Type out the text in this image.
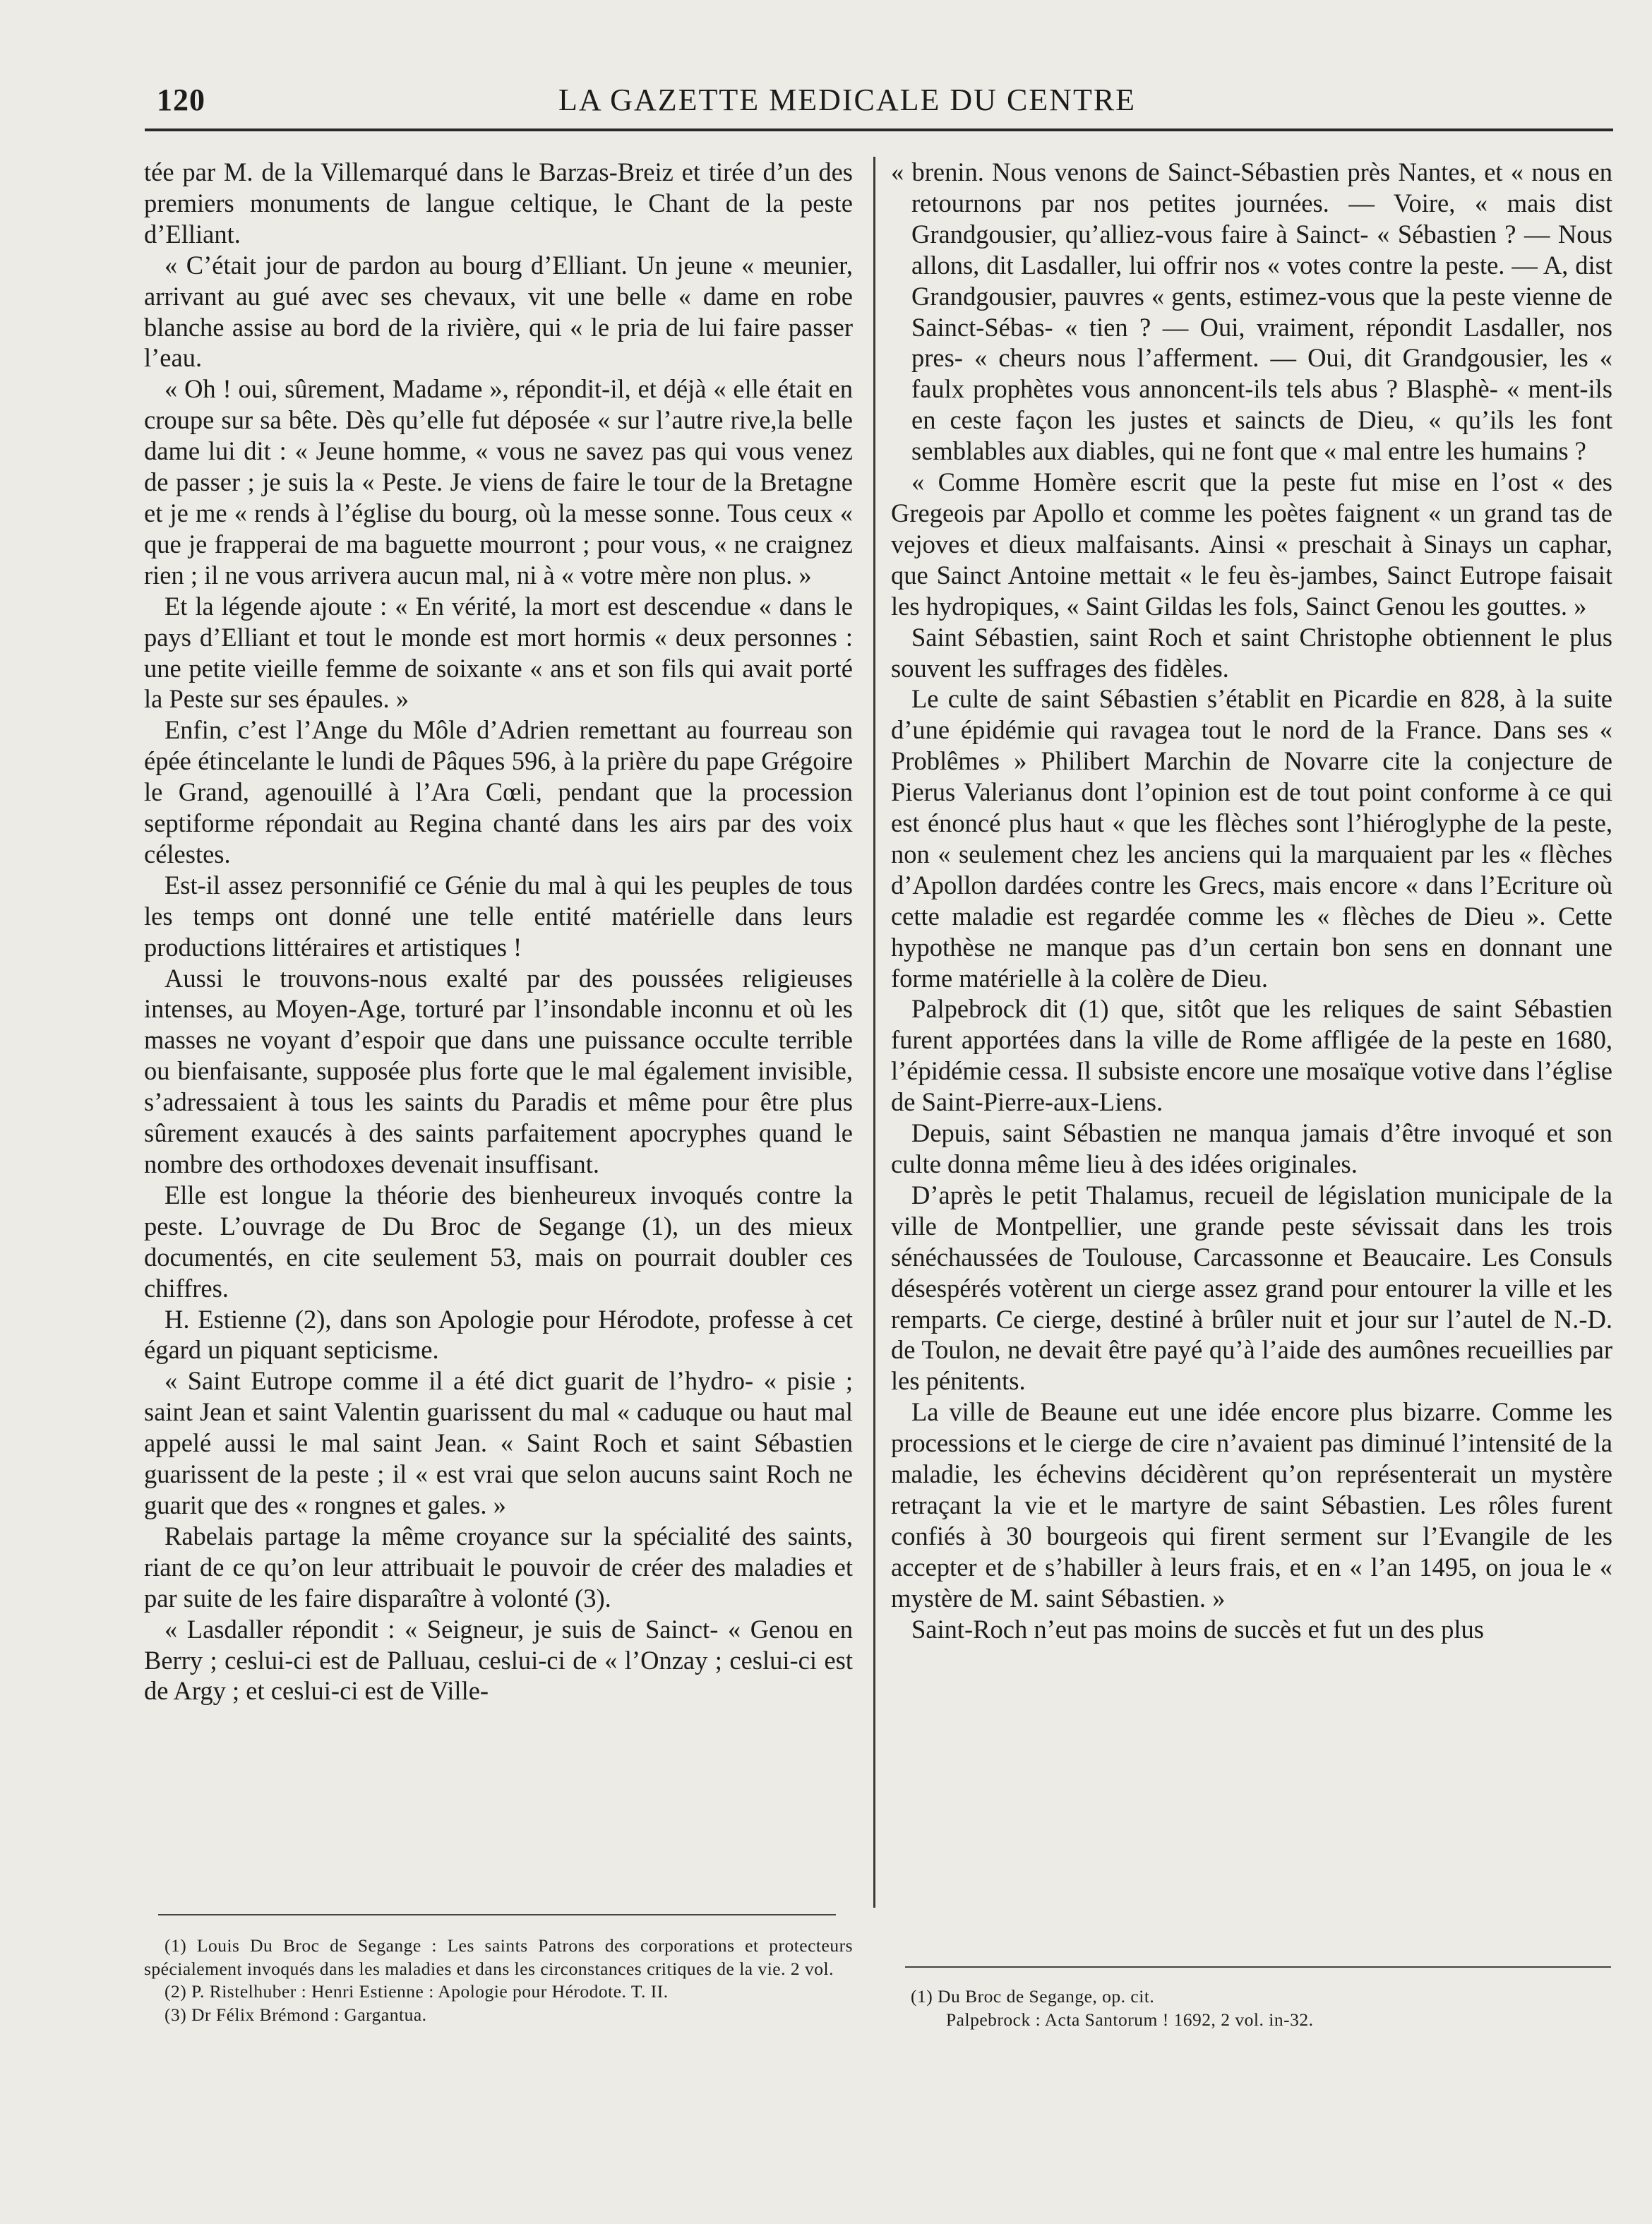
120	LA GAZETTE MEDICALE DU CENTRE

tée par M. de la Villemarqué dans le Barzas-Breiz et tirée d’un des premiers monuments de langue celtique, le Chant de la peste d’Elliant.

« C’était jour de pardon au bourg d’Elliant. Un jeune « meunier, arrivant au gué avec ses chevaux, vit une belle « dame en robe blanche assise au bord de la rivière, qui « le pria de lui faire passer l’eau.

« Oh ! oui, sûrement, Madame », répondit-il, et déjà « elle était en croupe sur sa bête. Dès qu’elle fut déposée « sur l’autre rive,la belle dame lui dit : « Jeune homme, « vous ne savez pas qui vous venez de passer ; je suis la « Peste. Je viens de faire le tour de la Bretagne et je me « rends à l’église du bourg, où la messe sonne. Tous ceux « que je frapperai de ma baguette mourront ; pour vous, « ne craignez rien ; il ne vous arrivera aucun mal, ni à « votre mère non plus. »

Et la légende ajoute : « En vérité, la mort est descendue « dans le pays d’Elliant et tout le monde est mort hormis « deux personnes : une petite vieille femme de soixante « ans et son fils qui avait porté la Peste sur ses épaules. »

Enfin, c’est l’Ange du Môle d’Adrien remettant au fourreau son épée étincelante le lundi de Pâques 596, à la prière du pape Grégoire le Grand, agenouillé à l’Ara Cœli, pendant que la procession septiforme répondait au Regina chanté dans les airs par des voix célestes.

Est-il assez personnifié ce Génie du mal à qui les peuples de tous les temps ont donné une telle entité matérielle dans leurs productions littéraires et artistiques !

Aussi le trouvons-nous exalté par des poussées religieuses intenses, au Moyen-Age, torturé par l’insondable inconnu et où les masses ne voyant d’espoir que dans une puissance occulte terrible ou bienfaisante, supposée plus forte que le mal également invisible, s’adressaient à tous les saints du Paradis et même pour être plus sûrement exaucés à des saints parfaitement apocryphes quand le nombre des orthodoxes devenait insuffisant.

Elle est longue la théorie des bienheureux invoqués contre la peste. L’ouvrage de Du Broc de Segange (1), un des mieux documentés, en cite seulement 53, mais on pourrait doubler ces chiffres.

H. Estienne (2), dans son Apologie pour Hérodote, professe à cet égard un piquant septicisme.

« Saint Eutrope comme il a été dict guarit de l’hydro- « pisie ; saint Jean et saint Valentin guarissent du mal « caduque ou haut mal appelé aussi le mal saint Jean. « Saint Roch et saint Sébastien guarissent de la peste ; il « est vrai que selon aucuns saint Roch ne guarit que des « rongnes et gales. »

Rabelais partage la même croyance sur la spécialité des saints, riant de ce qu’on leur attribuait le pouvoir de créer des maladies et par suite de les faire disparaître à volonté (3).

« Lasdaller répondit : « Seigneur, je suis de Sainct- « Genou en Berry ; ceslui-ci est de Palluau, ceslui-ci de « l’Onzay ; ceslui-ci est de Argy ; et ceslui-ci est de Ville-

« brenin. Nous venons de Sainct-Sébastien près Nantes, et « nous en retournons par nos petites journées. — Voire, « mais dist Grandgousier, qu’alliez-vous faire à Sainct- « Sébastien ? — Nous allons, dit Lasdaller, lui offrir nos « votes contre la peste. — A, dist Grandgousier, pauvres « gents, estimez-vous que la peste vienne de Sainct-Sébas- « tien ? — Oui, vraiment, répondit Lasdaller, nos pres- « cheurs nous l’afferment. — Oui, dit Grandgousier, les « faulx prophètes vous annoncent-ils tels abus ? Blasphè- « ment-ils en ceste façon les justes et saincts de Dieu, « qu’ils les font semblables aux diables, qui ne font que « mal entre les humains ?

« Comme Homère escrit que la peste fut mise en l’ost « des Gregeois par Apollo et comme les poètes faignent « un grand tas de vejoves et dieux malfaisants. Ainsi « preschait à Sinays un caphar, que Sainct Antoine mettait « le feu ès-jambes, Sainct Eutrope faisait les hydropiques, « Saint Gildas les fols, Sainct Genou les gouttes. »

Saint Sébastien, saint Roch et saint Christophe obtiennent le plus souvent les suffrages des fidèles.

Le culte de saint Sébastien s’établit en Picardie en 828, à la suite d’une épidémie qui ravagea tout le nord de la France. Dans ses « Problêmes » Philibert Marchin de Novarre cite la conjecture de Pierus Valerianus dont l’opinion est de tout point conforme à ce qui est énoncé plus haut « que les flèches sont l’hiéroglyphe de la peste, non « seulement chez les anciens qui la marquaient par les « flèches d’Apollon dardées contre les Grecs, mais encore « dans l’Ecriture où cette maladie est regardée comme les « flèches de Dieu ». Cette hypothèse ne manque pas d’un certain bon sens en donnant une forme matérielle à la colère de Dieu.

Palpebrock dit (1) que, sitôt que les reliques de saint Sébastien furent apportées dans la ville de Rome affligée de la peste en 1680, l’épidémie cessa. Il subsiste encore une mosaïque votive dans l’église de Saint-Pierre-aux-Liens.

Depuis, saint Sébastien ne manqua jamais d’être invoqué et son culte donna même lieu à des idées originales.

D’après le petit Thalamus, recueil de législation municipale de la ville de Montpellier, une grande peste sévissait dans les trois sénéchaussées de Toulouse, Carcassonne et Beaucaire. Les Consuls désespérés votèrent un cierge assez grand pour entourer la ville et les remparts. Ce cierge, destiné à brûler nuit et jour sur l’autel de N.-D. de Toulon, ne devait être payé qu’à l’aide des aumônes recueillies par les pénitents.

La ville de Beaune eut une idée encore plus bizarre. Comme les processions et le cierge de cire n’avaient pas diminué l’intensité de la maladie, les échevins décidèrent qu’on représenterait un mystère retraçant la vie et le martyre de saint Sébastien. Les rôles furent confiés à 30 bourgeois qui firent serment sur l’Evangile de les accepter et de s’habiller à leurs frais, et en « l’an 1495, on joua le « mystère de M. saint Sébastien. »

Saint-Roch n’eut pas moins de succès et fut un des plus

(1) Louis Du Broc de Segange : Les saints Patrons des corporations et protecteurs spécialement invoqués dans les maladies et dans les circonstances critiques de la vie. 2 vol.

(2) P. Ristelhuber : Henri Estienne : Apologie pour Hérodote. T. II.

(3) Dr Félix Brémond : Gargantua.

(1) Du Broc de Segange, op. cit.

Palpebrock : Acta Santorum ! 1692, 2 vol. in-32.
